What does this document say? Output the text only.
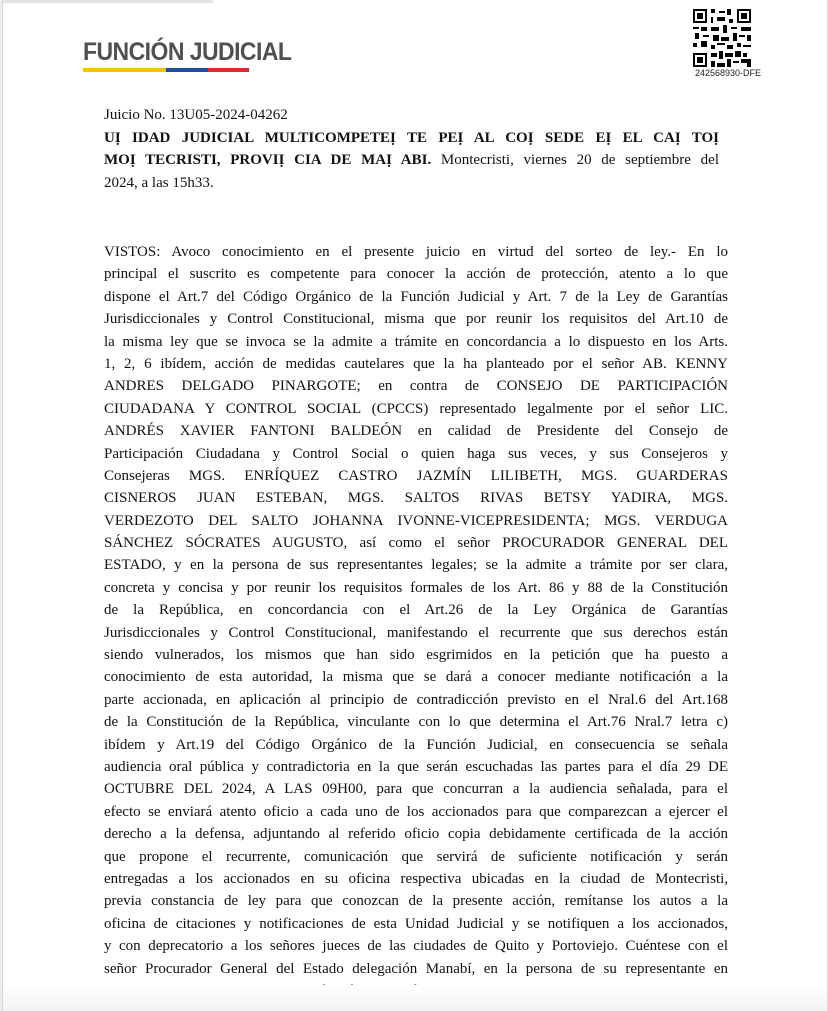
FUNCIÓN JUDICIAL
242568930-DFE

Juicio No. 13U05-2024-04262

UỊ IDAD JUDICIAL MULTICOMPETEỊ TE PEỊ AL COỊ SEDE EỊ EL CAỊ TOỊ

MOỊ TECRISTI, PROVIỊ CIA DE MAỊ ABI. Montecristi, viernes 20 de septiembre del

2024, a las 15h33.

VISTOS: Avoco conocimiento en el presente juicio en virtud del sorteo de ley.- En lo
principal el suscrito es competente para conocer la acción de protección, atento a lo que
dispone el Art.7 del Código Orgánico de la Función Judicial y Art. 7 de la Ley de Garantías
Jurisdiccionales y Control Constitucional, misma que por reunir los requisitos del Art.10 de
la misma ley que se invoca se la admite a trámite en concordancia a lo dispuesto en los Arts.
1, 2, 6 ibídem, acción de medidas cautelares que la ha planteado por el señor AB. KENNY
ANDRES DELGADO PINARGOTE; en contra de CONSEJO DE PARTICIPACIÓN
CIUDADANA Y CONTROL SOCIAL (CPCCS) representado legalmente por el señor LIC.
ANDRÉS XAVIER FANTONI BALDEÓN en calidad de Presidente del Consejo de
Participación Ciudadana y Control Social o quien haga sus veces, y sus Consejeros y
Consejeras MGS. ENRÍQUEZ CASTRO JAZMÍN LILIBETH, MGS. GUARDERAS
CISNEROS JUAN ESTEBAN, MGS. SALTOS RIVAS BETSY YADIRA, MGS.
VERDEZOTO DEL SALTO JOHANNA IVONNE-VICEPRESIDENTA; MGS. VERDUGA
SÁNCHEZ SÓCRATES AUGUSTO, así como el señor PROCURADOR GENERAL DEL
ESTADO, y en la persona de sus representantes legales; se la admite a trámite por ser clara,
concreta y concisa y por reunir los requisitos formales de los Art. 86 y 88 de la Constitución
de la República, en concordancia con el Art.26 de la Ley Orgánica de Garantías
Jurisdiccionales y Control Constitucional, manifestando el recurrente que sus derechos están
siendo vulnerados, los mismos que han sido esgrimidos en la petición que ha puesto a
conocimiento de esta autoridad, la misma que se dará a conocer mediante notificación a la
parte accionada, en aplicación al principio de contradicción previsto en el Nral.6 del Art.168
de la Constitución de la República, vinculante con lo que determina el Art.76 Nral.7 letra c)
ibídem y Art.19 del Código Orgánico de la Función Judicial, en consecuencia se señala
audiencia oral pública y contradictoria en la que serán escuchadas las partes para el día 29 DE
OCTUBRE DEL 2024, A LAS 09H00, para que concurran a la audiencia señalada, para el
efecto se enviará atento oficio a cada uno de los accionados para que comparezcan a ejercer el
derecho a la defensa, adjuntando al referido oficio copia debidamente certificada de la acción
que propone el recurrente, comunicación que servirá de suficiente notificación y serán
entregadas a los accionados en su oficina respectiva ubicadas en la ciudad de Montecristi,
previa constancia de ley para que conozcan de la presente acción, remítanse los autos a la
oficina de citaciones y notificaciones de esta Unidad Judicial y se notifiquen a los accionados,
y con deprecatorio a los señores jueces de las ciudades de Quito y Portoviejo. Cuéntese con el
señor Procurador General del Estado delegación Manabí, en la persona de su representante en
